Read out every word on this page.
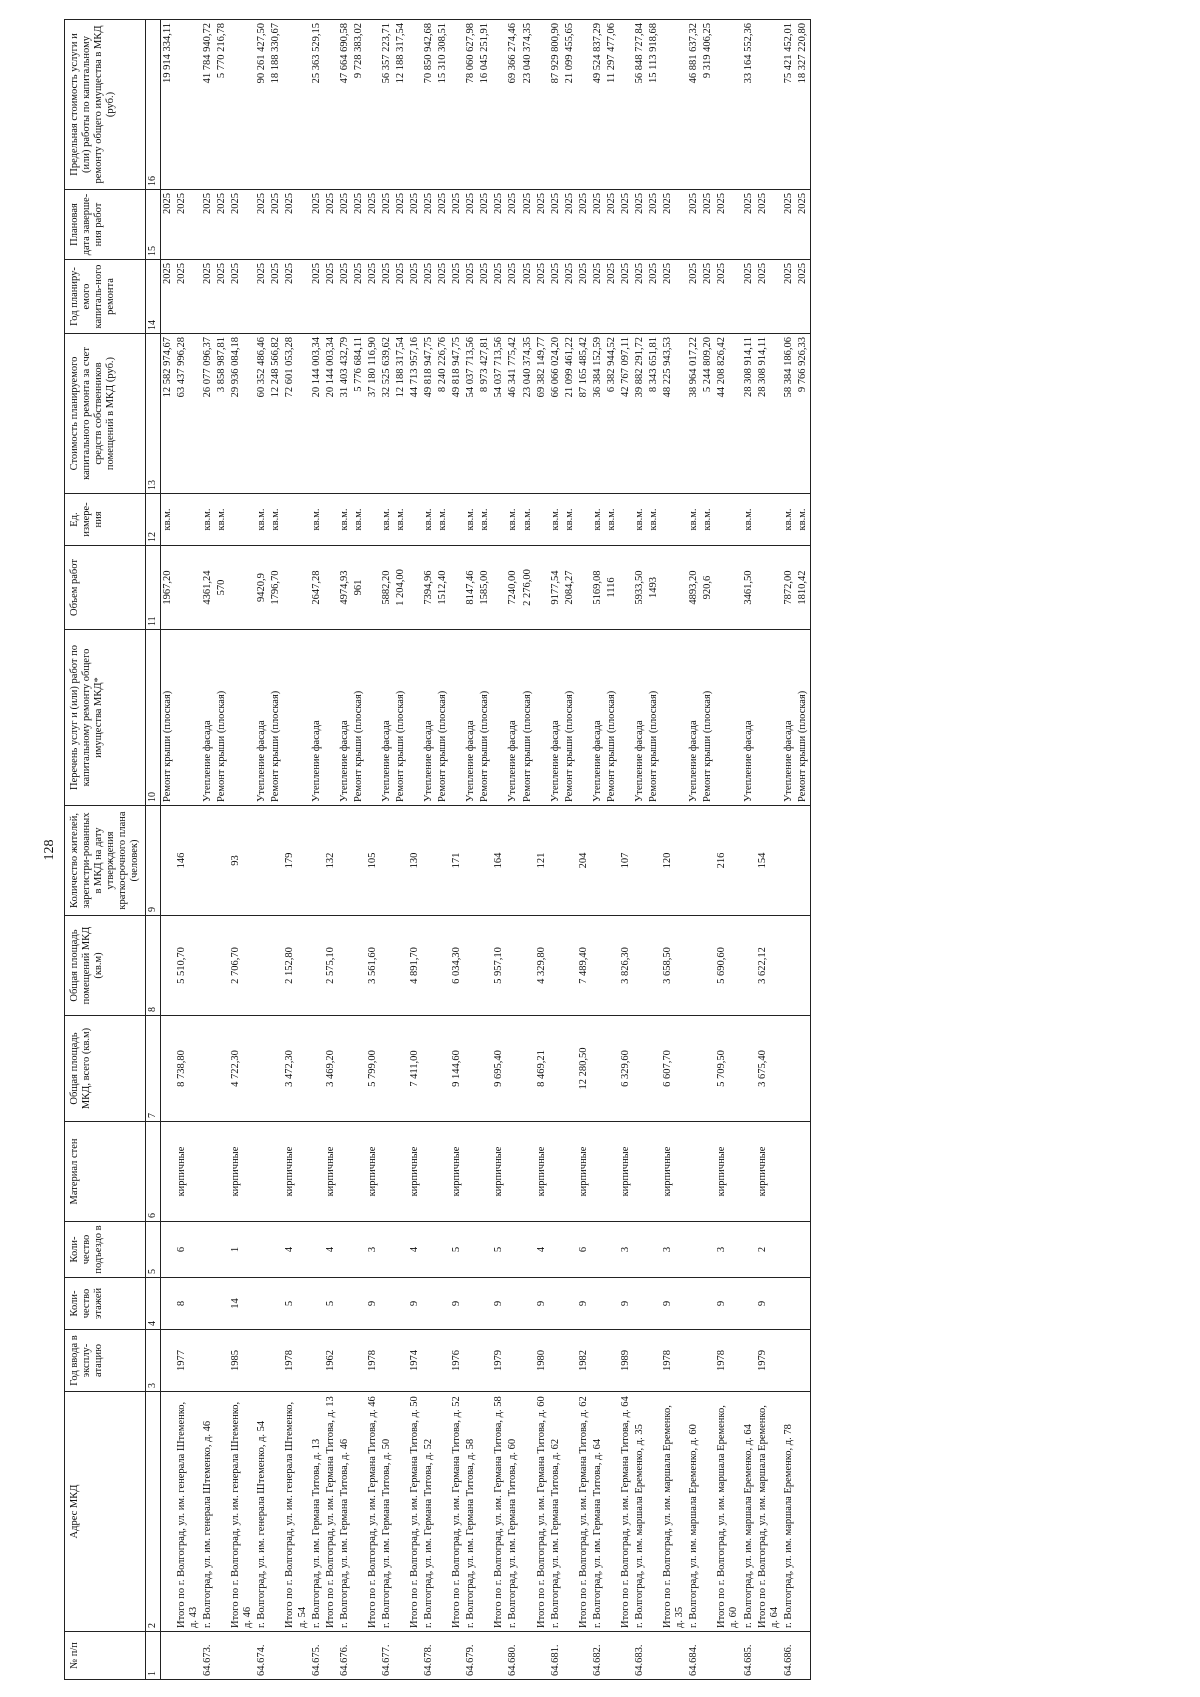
128
№ п/п	Адрес МКД	Год ввода в эксплу-атацию	Коли-чество этажей	Коли-чество подъездо в	Материал стен	Общая площадь МКД, всего (кв.м)	Общая площадь помещений МКД (кв.м)	Количество жителей, зарегистри-рованных в МКД на дату утверждения краткосрочного плана (человек)	Перечень услуг и (или) работ по капитальному ремонту общего имущества МКД*	Объем работ	Ед. измере-ния	Стоимость планируемого капитального ремонта за счет средств собственников помещений в МКД (руб.)	Год планиру-емого капиталь-ного ремонта	Плановая дата заверше-ния работ	Предельная стоимость услуги и (или) работы по капитальному ремонту общего имущества в МКД (руб.)
1	2	3	4	5	6	7	8	9	10	11	12	13	14	15	16
									Ремонт крыши (плоская)	1967,20	кв.м.	12 582 974,67	2025	2025	19 914 334,11
	Итого по г. Волгоград, ул. им. генерала Штеменко, д. 43	1977	8	6	кирпичные	8 738,80	5 510,70	146				63 437 996,28	2025	2025	
64.673.	г. Волгоград, ул. им. генерала Штеменко, д. 46								Утепление фасада	4361,24	кв.м.	26 077 096,37	2025	2025	41 784 940,72
									Ремонт крыши (плоская)	570	кв.м.	3 858 987,81	2025	2025	5 770 216,78
	Итого по г. Волгоград, ул. им. генерала Штеменко, д. 46	1985	14	1	кирпичные	4 722,30	2 706,70	93				29 936 084,18	2025	2025	
64.674.	г. Волгоград, ул. им. генерала Штеменко, д. 54								Утепление фасада	9420,9	кв.м.	60 352 486,46	2025	2025	90 261 427,50
									Ремонт крыши (плоская)	1796,70	кв.м.	12 248 566,82	2025	2025	18 188 330,67
	Итого по г. Волгоград, ул. им. генерала Штеменко, д. 54	1978	5	4	кирпичные	3 472,30	2 152,80	179				72 601 053,28	2025	2025	
64.675.	г. Волгоград, ул. им. Германа Титова, д. 13								Утепление фасада	2647,28	кв.м.	20 144 003,34	2025	2025	25 363 529,15
	Итого по г. Волгоград, ул. им. Германа Титова, д. 13	1962	5	4	кирпичные	3 469,20	2 575,10	132				20 144 003,34	2025	2025	
64.676.	г. Волгоград, ул. им. Германа Титова, д. 46								Утепление фасада	4974,93	кв.м.	31 403 432,79	2025	2025	47 664 690,58
									Ремонт крыши (плоская)	961	кв.м.	5 776 684,11	2025	2025	9 728 383,02
	Итого по г. Волгоград, ул. им. Германа Титова, д. 46	1978	9	3	кирпичные	5 799,00	3 561,60	105				37 180 116,90	2025	2025	
64.677.	г. Волгоград, ул. им. Германа Титова, д. 50								Утепление фасада	5882,20	кв.м.	32 525 639,62	2025	2025	56 357 223,71
									Ремонт крыши (плоская)	1 204,00	кв.м.	12 188 317,54	2025	2025	12 188 317,54
	Итого по г. Волгоград, ул. им. Германа Титова, д. 50	1974	9	4	кирпичные	7 411,00	4 891,70	130				44 713 957,16	2025	2025	
64.678.	г. Волгоград, ул. им. Германа Титова, д. 52								Утепление фасада	7394,96	кв.м.	49 818 947,75	2025	2025	70 850 942,68
									Ремонт крыши (плоская)	1512,40	кв.м.	8 240 226,76	2025	2025	15 310 308,51
	Итого по г. Волгоград, ул. им. Германа Титова, д. 52	1976	9	5	кирпичные	9 144,60	6 034,30	171				49 818 947,75	2025	2025	
64.679.	г. Волгоград, ул. им. Германа Титова, д. 58								Утепление фасада	8147,46	кв.м.	54 037 713,56	2025	2025	78 060 627,98
									Ремонт крыши (плоская)	1585,00	кв.м.	8 973 427,81	2025	2025	16 045 251,91
	Итого по г. Волгоград, ул. им. Германа Титова, д. 58	1979	9	5	кирпичные	9 695,40	5 957,10	164				54 037 713,56	2025	2025	
64.680.	г. Волгоград, ул. им. Германа Титова, д. 60								Утепление фасада	7240,00	кв.м.	46 341 775,42	2025	2025	69 366 274,46
									Ремонт крыши (плоская)	2 276,00	кв.м.	23 040 374,35	2025	2025	23 040 374,35
	Итого по г. Волгоград, ул. им. Германа Титова, д. 60	1980	9	4	кирпичные	8 469,21	4 329,80	121				69 382 149,77	2025	2025	
64.681.	г. Волгоград, ул. им. Германа Титова, д. 62								Утепление фасада	9177,54	кв.м.	66 066 024,20	2025	2025	87 929 800,90
									Ремонт крыши (плоская)	2084,27	кв.м.	21 099 461,22	2025	2025	21 099 455,65
	Итого по г. Волгоград, ул. им. Германа Титова, д. 62	1982	9	6	кирпичные	12 280,50	7 489,40	204				87 165 485,42	2025	2025	
64.682.	г. Волгоград, ул. им. Германа Титова, д. 64								Утепление фасада	5169,08	кв.м.	36 384 152,59	2025	2025	49 524 837,29
									Ремонт крыши (плоская)	1116	кв.м.	6 382 944,52	2025	2025	11 297 477,06
	Итого по г. Волгоград, ул. им. Германа Титова, д. 64	1989	9	3	кирпичные	6 329,60	3 826,30	107				42 767 097,11	2025	2025	
64.683.	г. Волгоград, ул. им. маршала Еременко, д. 35								Утепление фасада	5933,50	кв.м.	39 882 291,72	2025	2025	56 848 727,84
									Ремонт крыши (плоская)	1493	кв.м.	8 343 651,81	2025	2025	15 113 918,68
	Итого по г. Волгоград, ул. им. маршала Еременко, д. 35	1978	9	3	кирпичные	6 607,70	3 658,50	120				48 225 943,53	2025	2025	
64.684.	г. Волгоград, ул. им. маршала Еременко, д. 60								Утепление фасада	4893,20	кв.м.	38 964 017,22	2025	2025	46 881 637,32
									Ремонт крыши (плоская)	920,6	кв.м.	5 244 809,20	2025	2025	9 319 406,25
	Итого по г. Волгоград, ул. им. маршала Еременко, д. 60	1978	9	3	кирпичные	5 709,50	5 690,60	216				44 208 826,42	2025	2025	
64.685.	г. Волгоград, ул. им. маршала Еременко, д. 64								Утепление фасада	3461,50	кв.м.	28 308 914,11	2025	2025	33 164 552,36
	Итого по г. Волгоград, ул. им. маршала Еременко, д. 64	1979	9	2	кирпичные	3 675,40	3 622,12	154				28 308 914,11	2025	2025	
64.686.	г. Волгоград, ул. им. маршала Еременко, д. 78								Утепление фасада	7872,00	кв.м.	58 384 186,06	2025	2025	75 421 452,01
									Ремонт крыши (плоская)	1810,42	кв.м.	9 766 926,33	2025	2025	18 327 220,80
